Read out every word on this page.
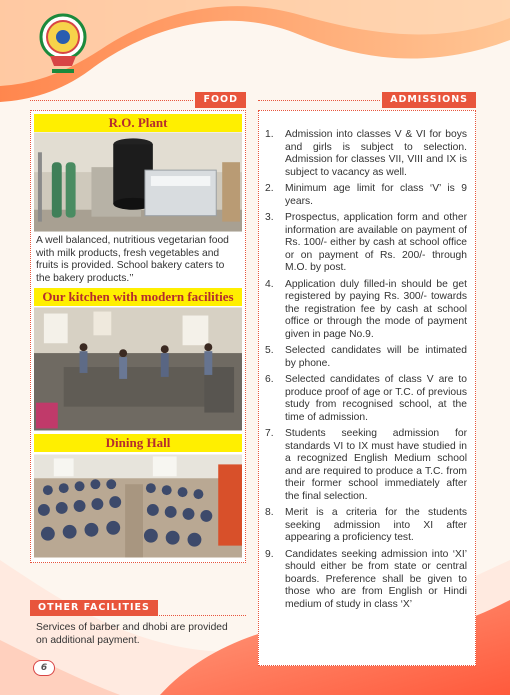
FOOD
R.O. Plant
A well balanced, nutritious vegetarian food with milk products, fresh vegetables and fruits is provided. School bakery caters to the bakery products.’’
Our kitchen with modern facilities
Dining Hall
OTHER FACILITIES
Services of barber and dhobi are provided on additional payment.
ADMISSIONS
1.	Admission into classes V & VI for boys and girls is subject to selection. Admission for classes VII, VIII and IX is subject to vacancy as well.
2.	Minimum age limit for class ‘V’ is 9 years.
3.	Prospectus, application form and other information are available on payment of Rs. 100/- either by cash at school office or on payment of Rs. 200/- through M.O. by post.
4.	Application duly filled-in should be get registered by paying Rs. 300/- towards the registration fee by cash at school office or through the mode of payment given in page No.9.
5.	Selected candidates will be intimated by phone.
6.	Selected candidates of class V are to produce proof of age or T.C. of previous study from recognised school, at the time of admission.
7.	Students seeking admission for standards VI to IX must have studied in a recognized English Medium school and are required to produce a T.C. from their former school immediately after the final selection.
8.	Merit is a criteria for the students seeking admission into XI after appearing a proficiency test.
9.	Candidates seeking admission into ‘XI’ should either be from state or central boards. Preference shall be given to those who are from English or Hindi medium of study in class ‘X’
6
